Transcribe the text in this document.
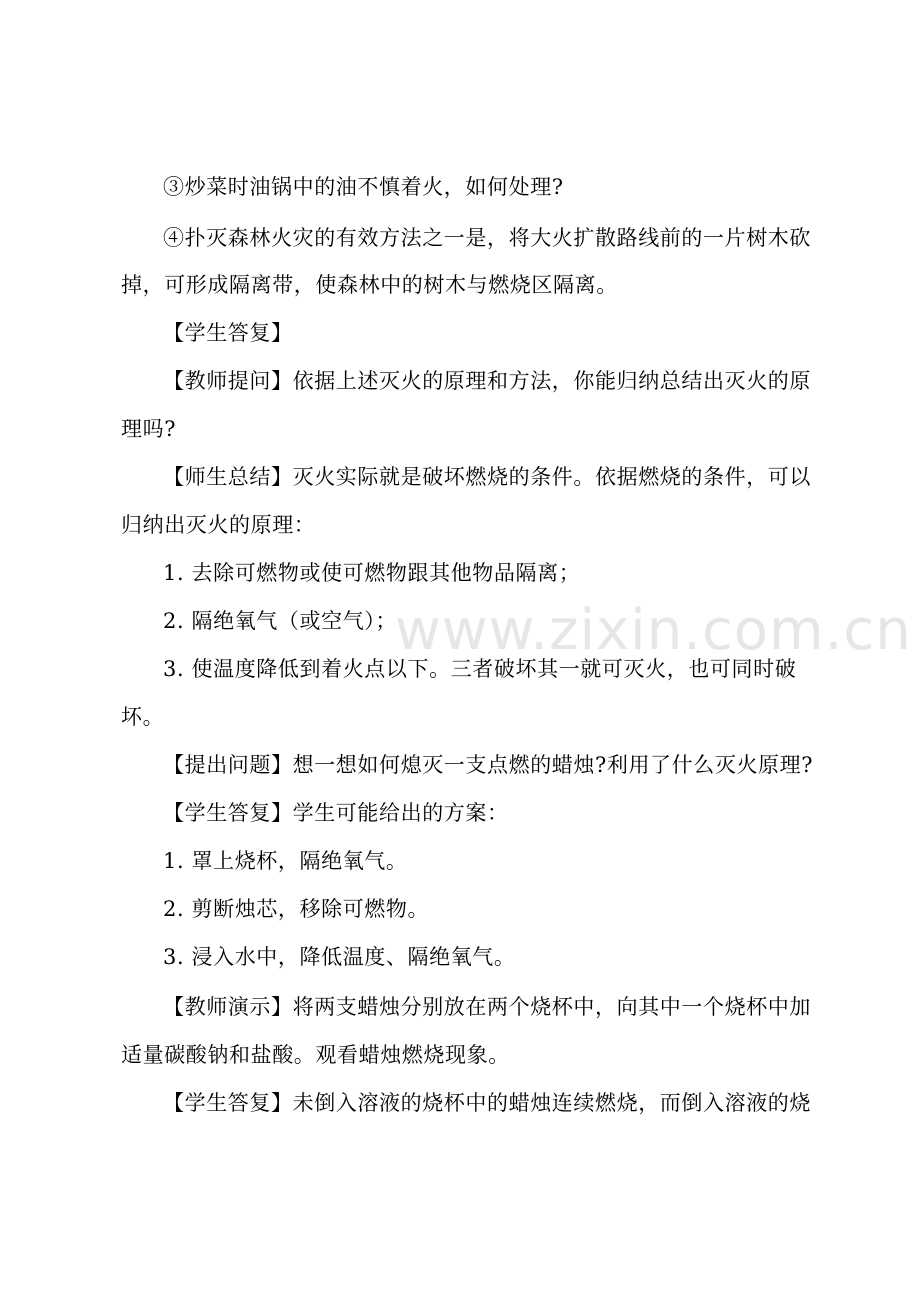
www.zixin.com.cn
③炒菜时油锅中的油不慎着火，如何处理?
④扑灭森林火灾的有效方法之一是，将大火扩散路线前的一片树木砍
掉，可形成隔离带，使森林中的树木与燃烧区隔离。
【学生答复】
【教师提问】依据上述灭火的原理和方法，你能归纳总结出灭火的原
理吗?
【师生总结】灭火实际就是破坏燃烧的条件。依据燃烧的条件，可以
归纳出灭火的原理：
1. 去除可燃物或使可燃物跟其他物品隔离；
2. 隔绝氧气（或空气）；
3. 使温度降低到着火点以下。三者破坏其一就可灭火，也可同时破
坏。
【提出问题】想一想如何熄灭一支点燃的蜡烛?利用了什么灭火原理?
【学生答复】学生可能给出的方案：
1. 罩上烧杯，隔绝氧气。
2. 剪断烛芯，移除可燃物。
3. 浸入水中，降低温度、隔绝氧气。
【教师演示】将两支蜡烛分别放在两个烧杯中，向其中一个烧杯中加
适量碳酸钠和盐酸。观看蜡烛燃烧现象。
【学生答复】未倒入溶液的烧杯中的蜡烛连续燃烧，而倒入溶液的烧
